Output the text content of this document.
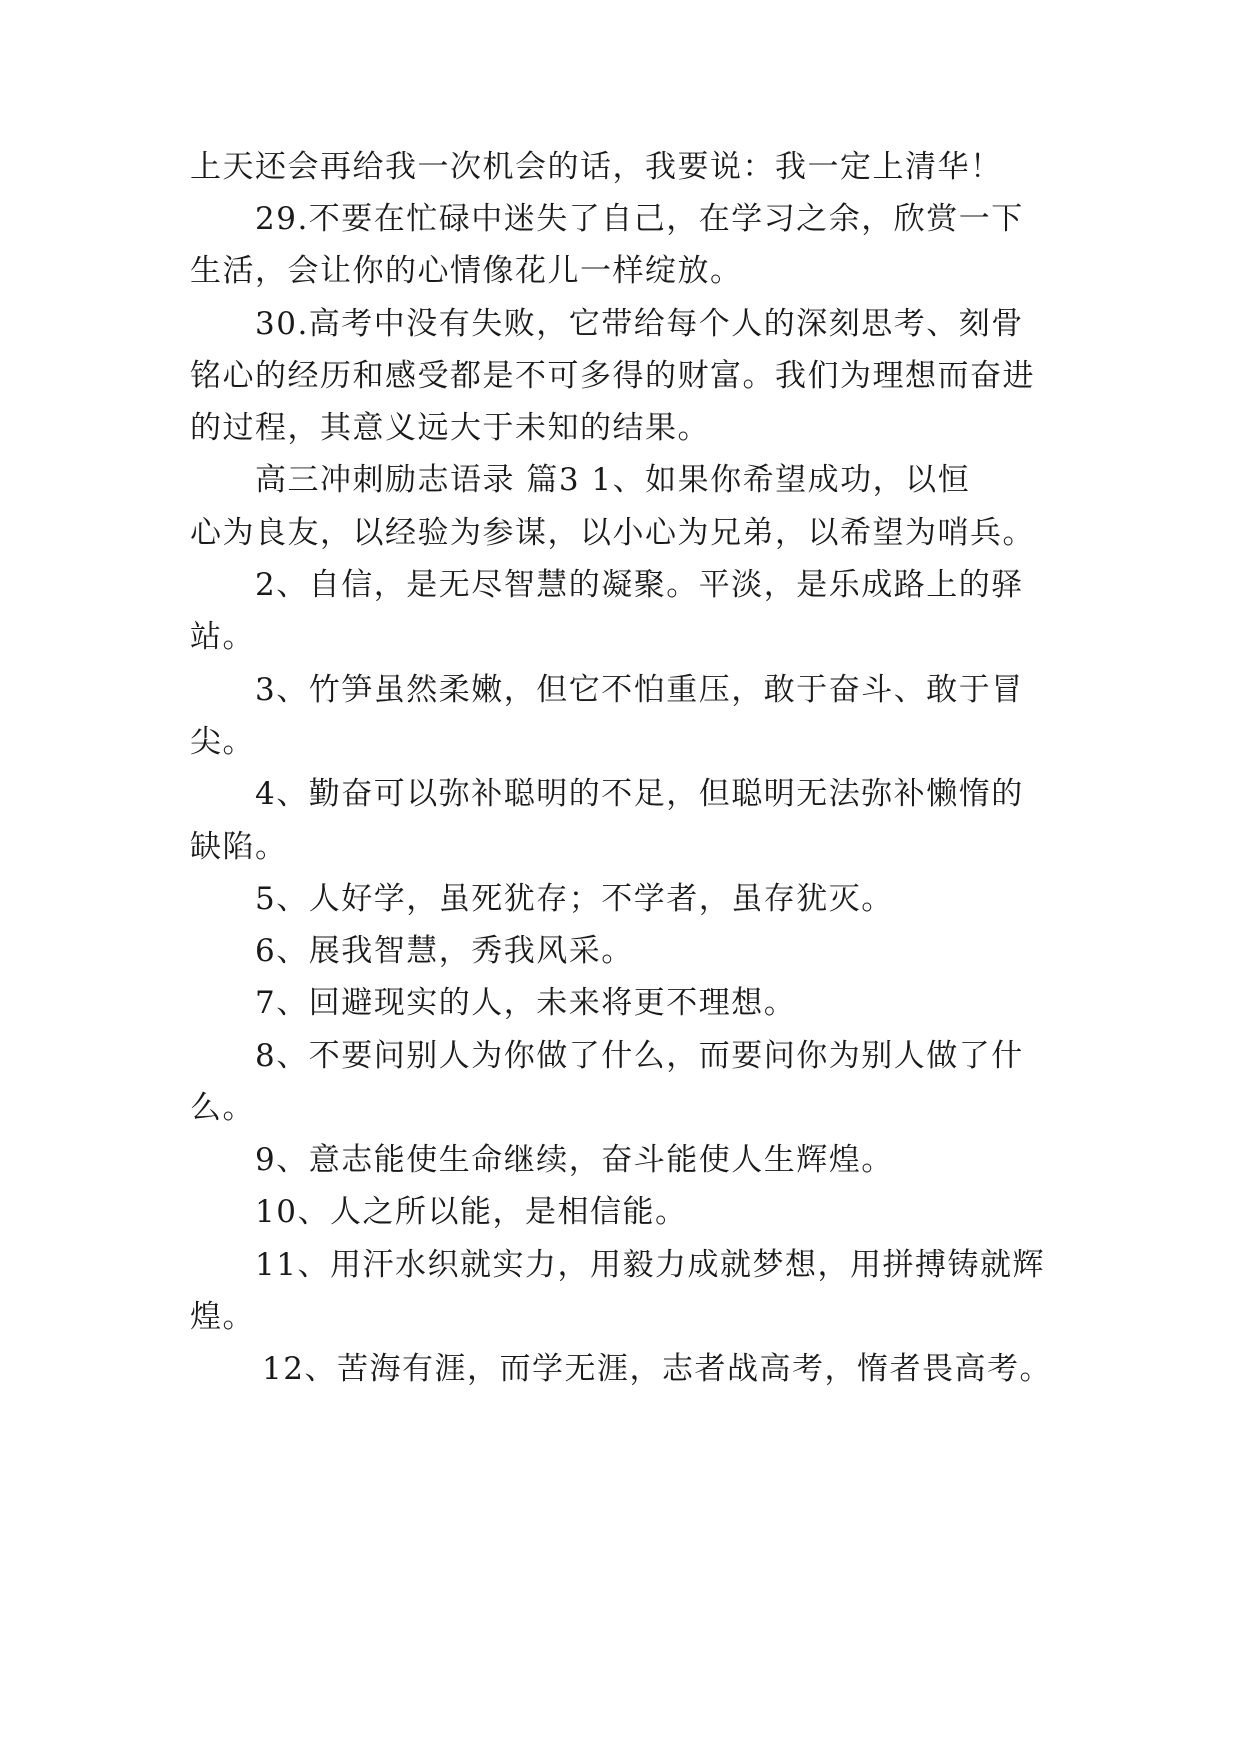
上天还会再给我一次机会的话，我要说：我一定上清华！
29.不要在忙碌中迷失了自己，在学习之余，欣赏一下
生活，会让你的心情像花儿一样绽放。
30.高考中没有失败，它带给每个人的深刻思考、刻骨
铭心的经历和感受都是不可多得的财富。我们为理想而奋进
的过程，其意义远大于未知的结果。
高三冲刺励志语录 篇3 1、如果你希望成功，以恒
心为良友，以经验为参谋，以小心为兄弟，以希望为哨兵。
2、自信，是无尽智慧的凝聚。平淡，是乐成路上的驿
站。
3、竹笋虽然柔嫩，但它不怕重压，敢于奋斗、敢于冒
尖。
4、勤奋可以弥补聪明的不足，但聪明无法弥补懒惰的
缺陷。
5、人好学，虽死犹存；不学者，虽存犹灭。
6、展我智慧，秀我风采。
7、回避现实的人，未来将更不理想。
8、不要问别人为你做了什么，而要问你为别人做了什
么。
9、意志能使生命继续，奋斗能使人生辉煌。
10、人之所以能，是相信能。
11、用汗水织就实力，用毅力成就梦想，用拼搏铸就辉
煌。
12、苦海有涯，而学无涯，志者战高考，惰者畏高考。
